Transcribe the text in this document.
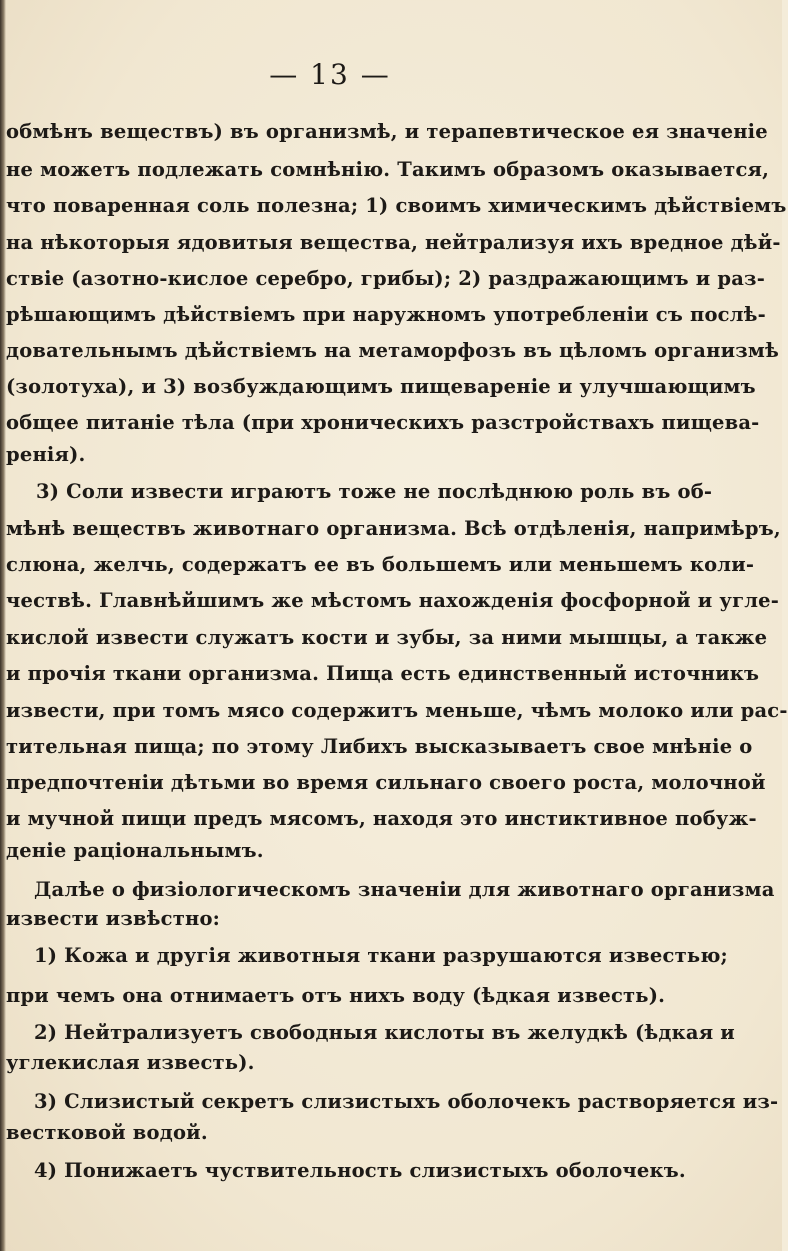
— 13 —
обмѣнъ веществъ) въ организмѣ, и терапевтическое ея значеніе
не можетъ подлежать сомнѣнію. Такимъ образомъ оказывается,
что поваренная соль полезна; 1) своимъ химическимъ дѣйствіемъ
на нѣкоторыя ядовитыя вещества, нейтрализуя ихъ вредное дѣй-
ствіе (азотно-кислое серебро, грибы); 2) раздражающимъ и раз-
рѣшающимъ дѣйствіемъ при наружномъ употребленіи съ послѣ-
довательнымъ дѣйствіемъ на метаморфозъ въ цѣломъ организмѣ
(золотуха), и 3) возбуждающимъ пищевареніе и улучшающимъ
общее питаніе тѣла (при хроническихъ разстройствахъ пищева-
ренія).
3) Соли извести играютъ тоже не послѣднюю роль въ об-
мѣнѣ веществъ животнаго организма. Всѣ отдѣленія, напримѣръ,
слюна, желчь, содержатъ ее въ большемъ или меньшемъ коли-
чествѣ. Главнѣйшимъ же мѣстомъ нахожденія фосфорной и угле-
кислой извести служатъ кости и зубы, за ними мышцы, а также
и прочія ткани организма. Пища есть единственный источникъ
извести, при томъ мясо содержитъ меньше, чѣмъ молоко или рас-
тительная пища; по этому Либихъ высказываетъ свое мнѣніе о
предпочтеніи дѣтьми во время сильнаго своего роста, молочной
и мучной пищи предъ мясомъ, находя это инстиктивное побуж-
деніе раціональнымъ.
Далѣе о физіологическомъ значеніи для животнаго организма
извести извѣстно:
1) Кожа и другія животныя ткани разрушаются известью;
при чемъ она отнимаетъ отъ нихъ воду (ѣдкая известь).
2) Нейтрализуетъ свободныя кислоты въ желудкѣ (ѣдкая и
углекислая известь).
3) Слизистый секретъ слизистыхъ оболочекъ растворяется из-
вестковой водой.
4) Понижаетъ чуствительность слизистыхъ оболочекъ.
